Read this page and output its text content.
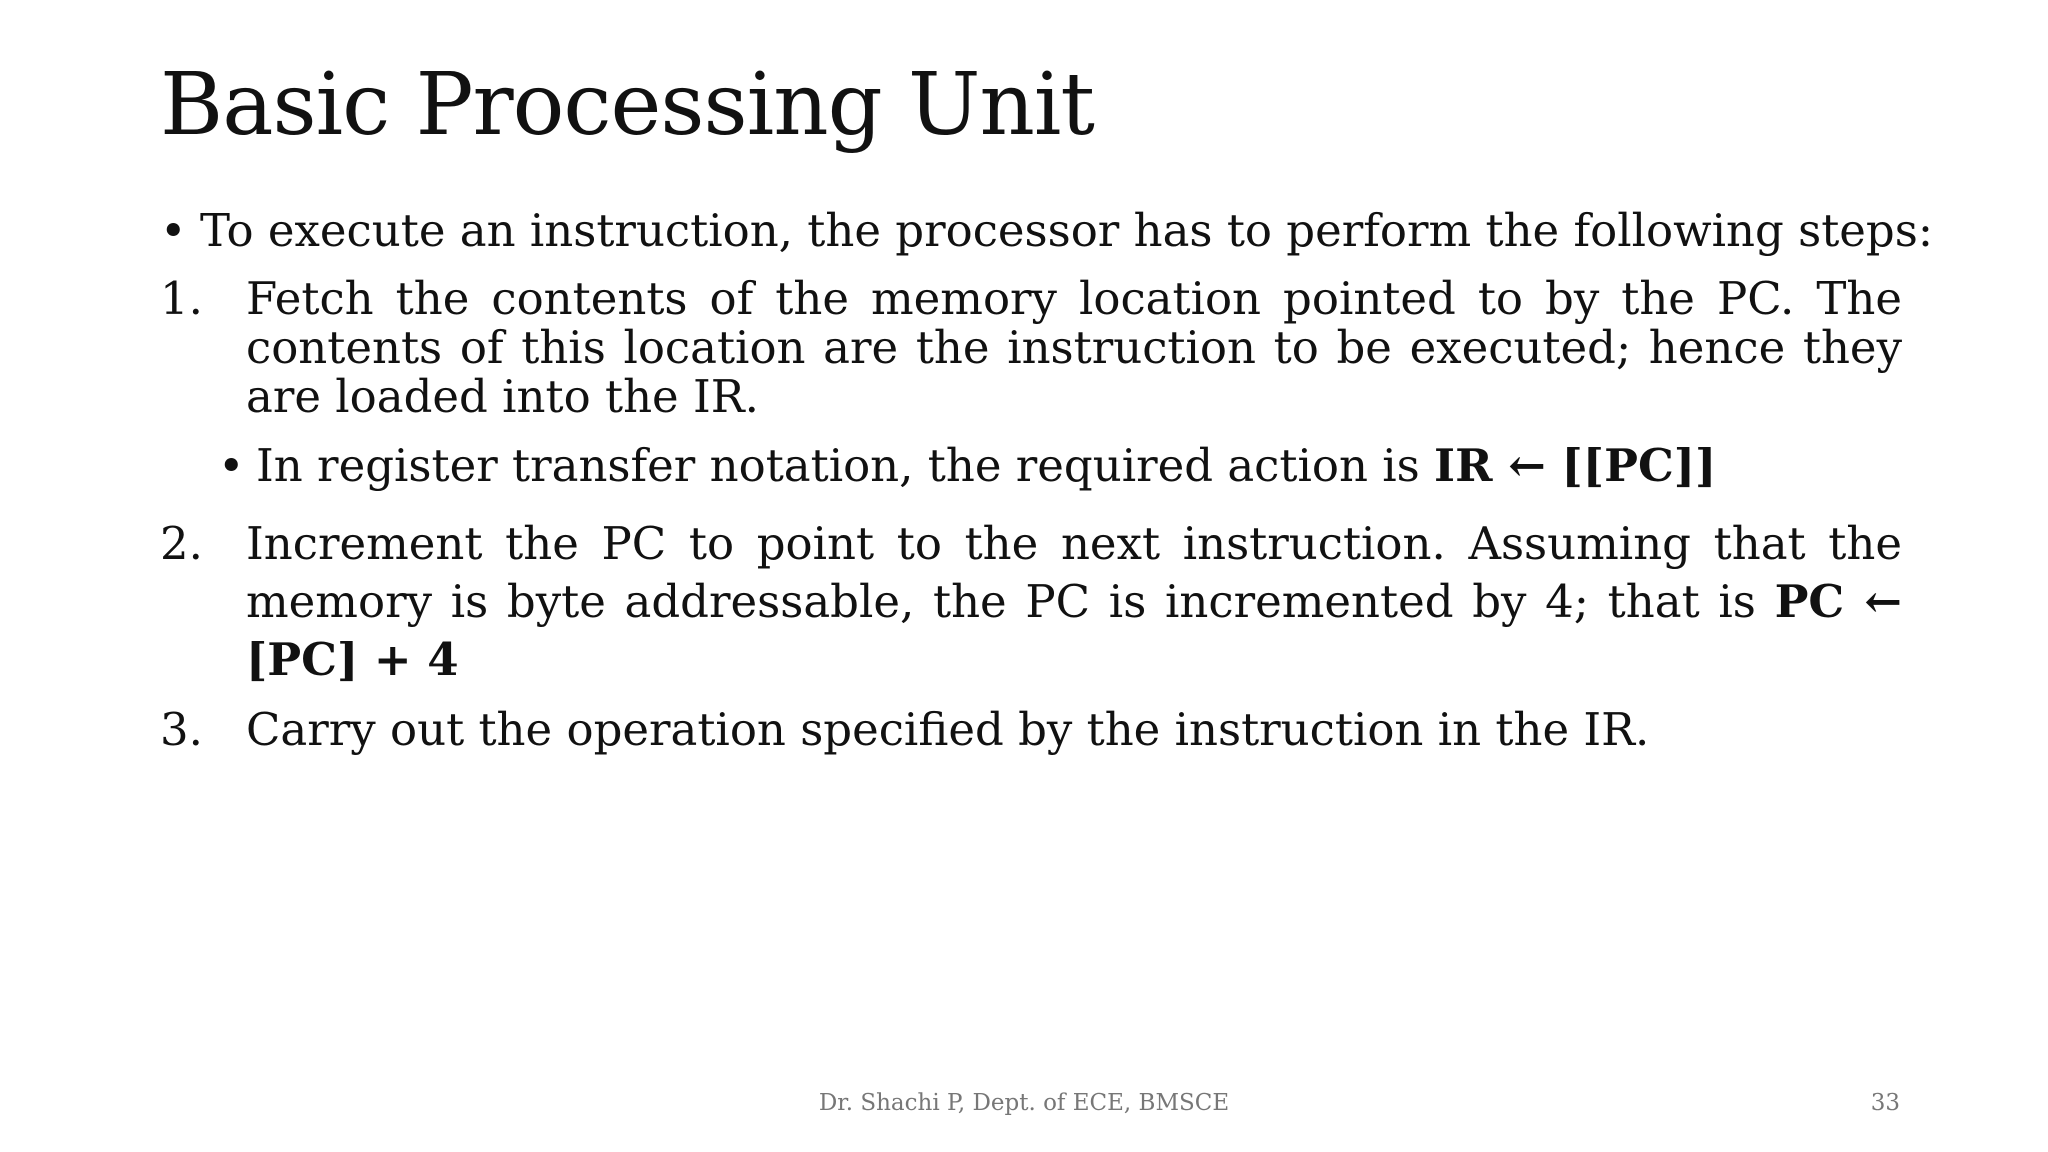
Basic Processing Unit
• To execute an instruction, the processor has to perform the following steps:
1. Fetch the contents of the memory location pointed to by the PC. The contents of this location are the instruction to be executed; hence they are loaded into the IR.
• In register transfer notation, the required action is IR ← [[PC]]
2. Increment the PC to point to the next instruction. Assuming that the memory is byte addressable, the PC is incremented by 4; that is PC ← [PC] + 4
3. Carry out the operation specified by the instruction in the IR.
Dr. Shachi P, Dept. of ECE, BMSCE	33
